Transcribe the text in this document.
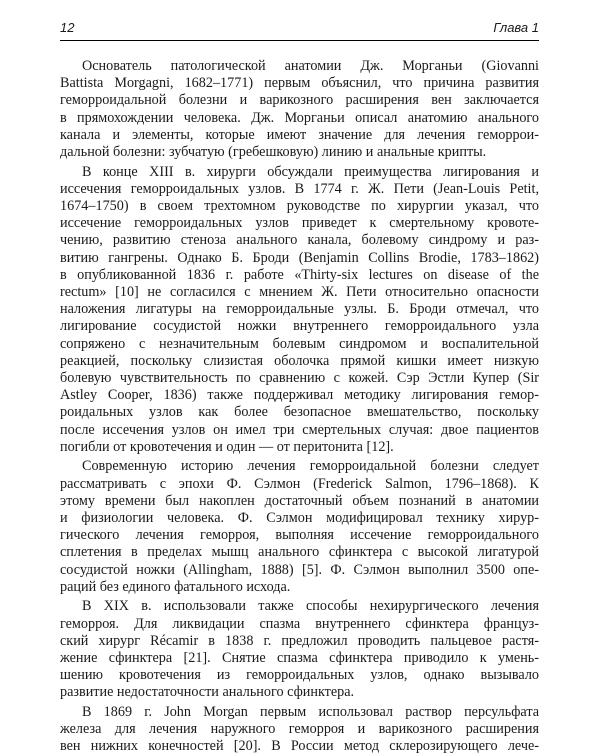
12	Глава 1
Основатель патологической анатомии Дж. Морганьи (Giovanni
Battista Morgagni, 1682–1771) первым объяснил, что причина развития
геморроидальной болезни и варикозного расширения вен заключается
в прямохождении человека. Дж. Морганьи описал анатомию анального
канала и элементы, которые имеют значение для лечения геморрои-
дальной болезни: зубчатую (гребешковую) линию и анальные крипты.
В конце XIII в. хирурги обсуждали преимущества лигирования и
иссечения геморроидальных узлов. В 1774 г. Ж. Пети (Jean-Louis Petit,
1674–1750) в своем трехтомном руководстве по хирургии указал, что
иссечение геморроидальных узлов приведет к смертельному кровоте-
чению, развитию стеноза анального канала, болевому синдрому и раз-
витию гангрены. Однако Б. Броди (Benjamin Collins Brodie, 1783–1862)
в опубликованной 1836 г. работе «Thirty-six lectures on disease of the
rectum» [10] не согласился с мнением Ж. Пети относительно опасности
наложения лигатуры на геморроидальные узлы. Б. Броди отмечал, что
лигирование сосудистой ножки внутреннего геморроидального узла
сопряжено с незначительным болевым синдромом и воспалительной
реакцией, поскольку слизистая оболочка прямой кишки имеет низкую
болевую чувствительность по сравнению с кожей. Сэр Эстли Купер (Sir
Astley Cooper, 1836) также поддерживал методику лигирования гемор-
роидальных узлов как более безопасное вмешательство, поскольку
после иссечения узлов он имел три смертельных случая: двое пациентов
погибли от кровотечения и один — от перитонита [12].
Современную историю лечения геморроидальной болезни следует
рассматривать с эпохи Ф. Сэлмон (Frederick Salmon, 1796–1868). К
этому времени был накоплен достаточный объем познаний в анатомии
и физиологии человека. Ф. Сэлмон модифицировал технику хирур-
гического лечения геморроя, выполняя иссечение геморроидального
сплетения в пределах мышц анального сфинктера с высокой лигатурой
сосудистой ножки (Allingham, 1888) [5]. Ф. Сэлмон выполнил 3500 опе-
раций без единого фатального исхода.
В XIX в. использовали также способы нехирургического лечения
геморроя. Для ликвидации спазма внутреннего сфинктера француз-
ский хирург Récamir в 1838 г. предложил проводить пальцевое растя-
жение сфинктера [21]. Снятие спазма сфинктера приводило к умень-
шению кровотечения из геморроидальных узлов, однако вызывало
развитие недостаточности анального сфинктера.
В 1869 г. John Morgan первым использовал раствор персульфата
железа для лечения наружного геморроя и варикозного расширения
вен нижних конечностей [20]. В России метод склерозирующего лече-
